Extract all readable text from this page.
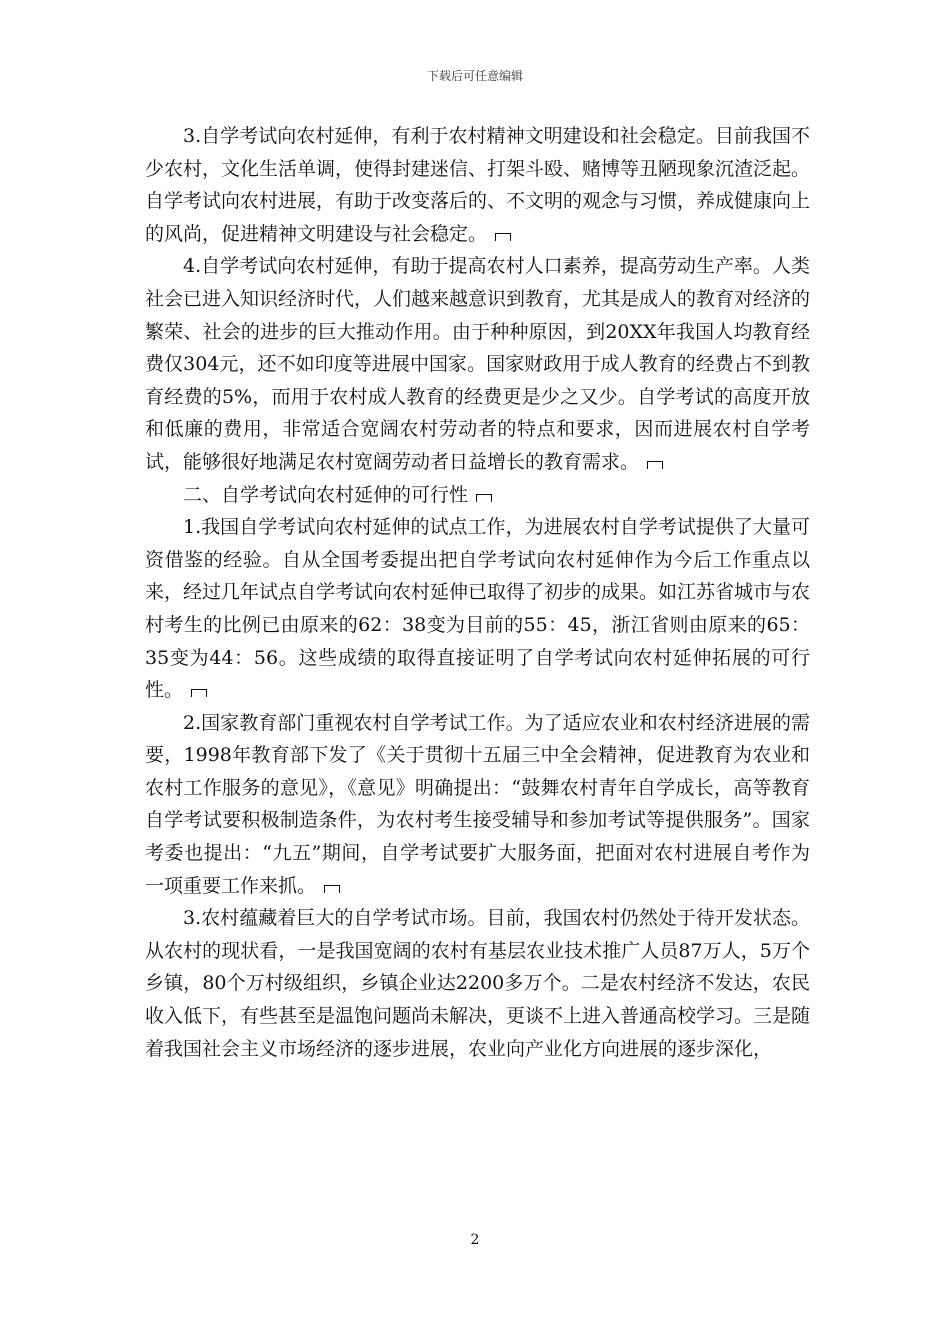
下载后可任意编辑

3.自学考试向农村延伸，有利于农村精神文明建设和社会稳定。目前我国不少农村，文化生活单调，使得封建迷信、打架斗殴、赌博等丑陋现象沉渣泛起。自学考试向农村进展，有助于改变落后的、不文明的观念与习惯，养成健康向上的风尚，促进精神文明建设与社会稳定。

4.自学考试向农村延伸，有助于提高农村人口素养，提高劳动生产率。人类社会已进入知识经济时代，人们越来越意识到教育，尤其是成人的教育对经济的繁荣、社会的进步的巨大推动作用。由于种种原因，到20XX年我国人均教育经费仅304元，还不如印度等进展中国家。国家财政用于成人教育的经费占不到教育经费的5%，而用于农村成人教育的经费更是少之又少。自学考试的高度开放和低廉的费用，非常适合宽阔农村劳动者的特点和要求，因而进展农村自学考试，能够很好地满足农村宽阔劳动者日益增长的教育需求。

二、自学考试向农村延伸的可行性

1.我国自学考试向农村延伸的试点工作，为进展农村自学考试提供了大量可资借鉴的经验。自从全国考委提出把自学考试向农村延伸作为今后工作重点以来，经过几年试点自学考试向农村延伸已取得了初步的成果。如江苏省城市与农村考生的比例已由原来的62：38变为目前的55：45，浙江省则由原来的65：35变为44：56。这些成绩的取得直接证明了自学考试向农村延伸拓展的可行性。

2.国家教育部门重视农村自学考试工作。为了适应农业和农村经济进展的需要，1998年教育部下发了《关于贯彻十五届三中全会精神，促进教育为农业和农村工作服务的意见》，《意见》明确提出：“鼓舞农村青年自学成长，高等教育自学考试要积极制造条件，为农村考生接受辅导和参加考试等提供服务”。国家考委也提出：“九五”期间，自学考试要扩大服务面，把面对农村进展自考作为一项重要工作来抓。

3.农村蕴藏着巨大的自学考试市场。目前，我国农村仍然处于待开发状态。从农村的现状看，一是我国宽阔的农村有基层农业技术推广人员87万人，5万个乡镇，80个万村级组织，乡镇企业达2200多万个。二是农村经济不发达，农民收入低下，有些甚至是温饱问题尚未解决，更谈不上进入普通高校学习。三是随着我国社会主义市场经济的逐步进展，农业向产业化方向进展的逐步深化，

2
